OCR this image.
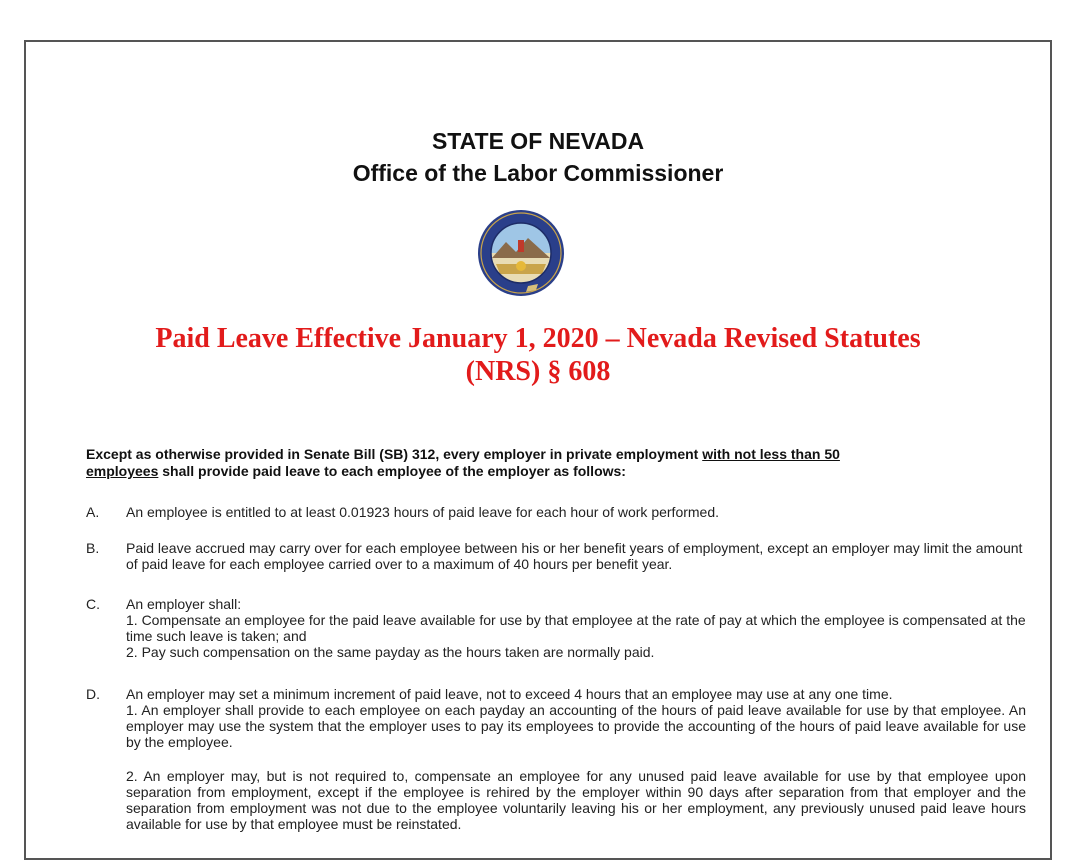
STATE OF NEVADA
Office of the Labor Commissioner
Paid Leave Effective January 1, 2020 – Nevada Revised Statutes
(NRS) § 608
Except as otherwise provided in Senate Bill (SB) 312, every employer in private employment with not less than 50
employees shall provide paid leave to each employee of the employer as follows:
A.	An employee is entitled to at least 0.01923 hours of paid leave for each hour of work performed.
B.	Paid leave accrued may carry over for each employee between his or her benefit years of employment, except an employer may limit the amount of paid leave for each employee carried over to a maximum of 40 hours per benefit year.
C.	An employer shall:
1. Compensate an employee for the paid leave available for use by that employee at the rate of pay at which the employee is compensated at the time such leave is taken; and
2. Pay such compensation on the same payday as the hours taken are normally paid.
D.	An employer may set a minimum increment of paid leave, not to exceed 4 hours that an employee may use at any one time.
1. An employer shall provide to each employee on each payday an accounting of the hours of paid leave available for use by that employee. An employer may use the system that the employer uses to pay its employees to provide the accounting of the hours of paid leave available for use by the employee.
2. An employer may, but is not required to, compensate an employee for any unused paid leave available for use by that employee upon separation from employment, except if the employee is rehired by the employer within 90 days after separation from that employer and the separation from employment was not due to the employee voluntarily leaving his or her employment, any previously unused paid leave hours available for use by that employee must be reinstated.
